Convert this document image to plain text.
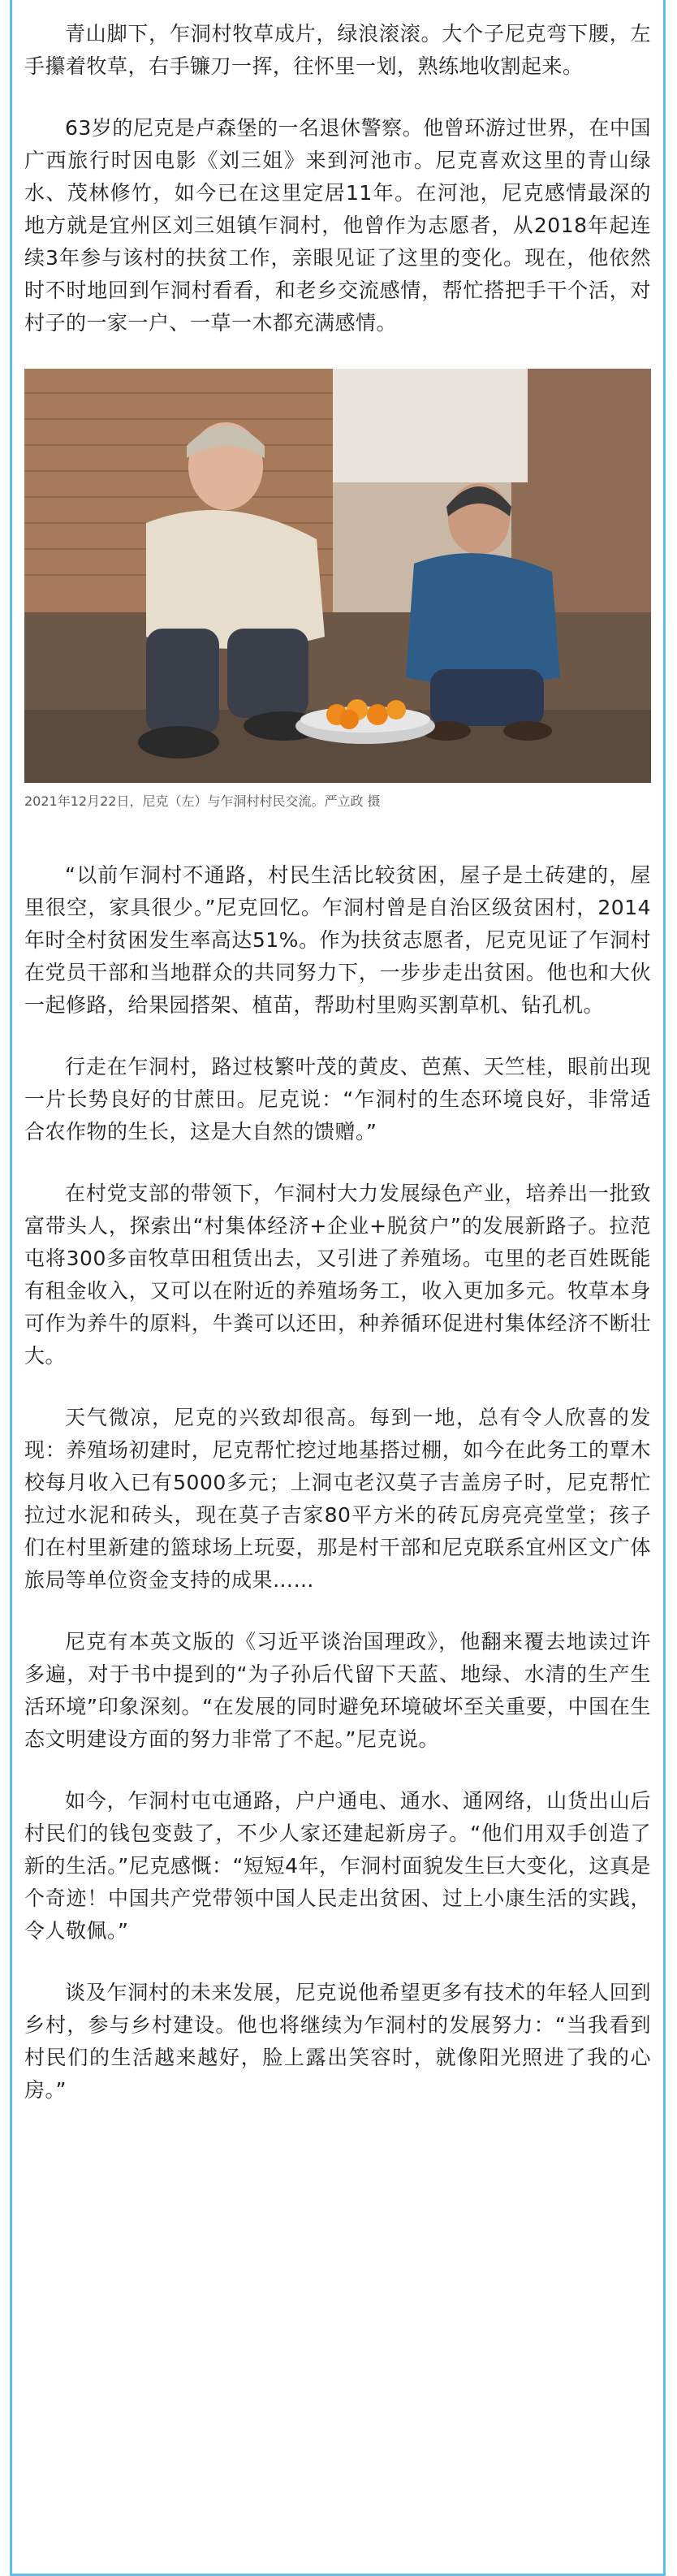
青山脚下，乍洞村牧草成片，绿浪滚滚。大个子尼克弯下腰，左手攥着牧草，右手镰刀一挥，往怀里一划，熟练地收割起来。

63岁的尼克是卢森堡的一名退休警察。他曾环游过世界，在中国广西旅行时因电影《刘三姐》来到河池市。尼克喜欢这里的青山绿水、茂林修竹，如今已在这里定居11年。在河池，尼克感情最深的地方就是宜州区刘三姐镇乍洞村，他曾作为志愿者，从2018年起连续3年参与该村的扶贫工作，亲眼见证了这里的变化。现在，他依然时不时地回到乍洞村看看，和老乡交流感情，帮忙搭把手干个活，对村子的一家一户、一草一木都充满感情。

2021年12月22日，尼克（左）与乍洞村村民交流。严立政 摄

“以前乍洞村不通路，村民生活比较贫困，屋子是土砖建的，屋里很空，家具很少。”尼克回忆。乍洞村曾是自治区级贫困村，2014年时全村贫困发生率高达51%。作为扶贫志愿者，尼克见证了乍洞村在党员干部和当地群众的共同努力下，一步步走出贫困。他也和大伙一起修路，给果园搭架、植苗，帮助村里购买割草机、钻孔机。

行走在乍洞村，路过枝繁叶茂的黄皮、芭蕉、天竺桂，眼前出现一片长势良好的甘蔗田。尼克说：“乍洞村的生态环境良好，非常适合农作物的生长，这是大自然的馈赠。”

在村党支部的带领下，乍洞村大力发展绿色产业，培养出一批致富带头人，探索出“村集体经济+企业+脱贫户”的发展新路子。拉范屯将300多亩牧草田租赁出去，又引进了养殖场。屯里的老百姓既能有租金收入，又可以在附近的养殖场务工，收入更加多元。牧草本身可作为养牛的原料，牛粪可以还田，种养循环促进村集体经济不断壮大。

天气微凉，尼克的兴致却很高。每到一地，总有令人欣喜的发现：养殖场初建时，尼克帮忙挖过地基搭过棚，如今在此务工的覃木校每月收入已有5000多元；上洞屯老汉莫子吉盖房子时，尼克帮忙拉过水泥和砖头，现在莫子吉家80平方米的砖瓦房亮亮堂堂；孩子们在村里新建的篮球场上玩耍，那是村干部和尼克联系宜州区文广体旅局等单位资金支持的成果……

尼克有本英文版的《习近平谈治国理政》，他翻来覆去地读过许多遍，对于书中提到的“为子孙后代留下天蓝、地绿、水清的生产生活环境”印象深刻。“在发展的同时避免环境破坏至关重要，中国在生态文明建设方面的努力非常了不起。”尼克说。

如今，乍洞村屯屯通路，户户通电、通水、通网络，山货出山后村民们的钱包变鼓了，不少人家还建起新房子。“他们用双手创造了新的生活。”尼克感慨：“短短4年，乍洞村面貌发生巨大变化，这真是个奇迹！中国共产党带领中国人民走出贫困、过上小康生活的实践，令人敬佩。”

谈及乍洞村的未来发展，尼克说他希望更多有技术的年轻人回到乡村，参与乡村建设。他也将继续为乍洞村的发展努力：“当我看到村民们的生活越来越好，脸上露出笑容时，就像阳光照进了我的心房。”
